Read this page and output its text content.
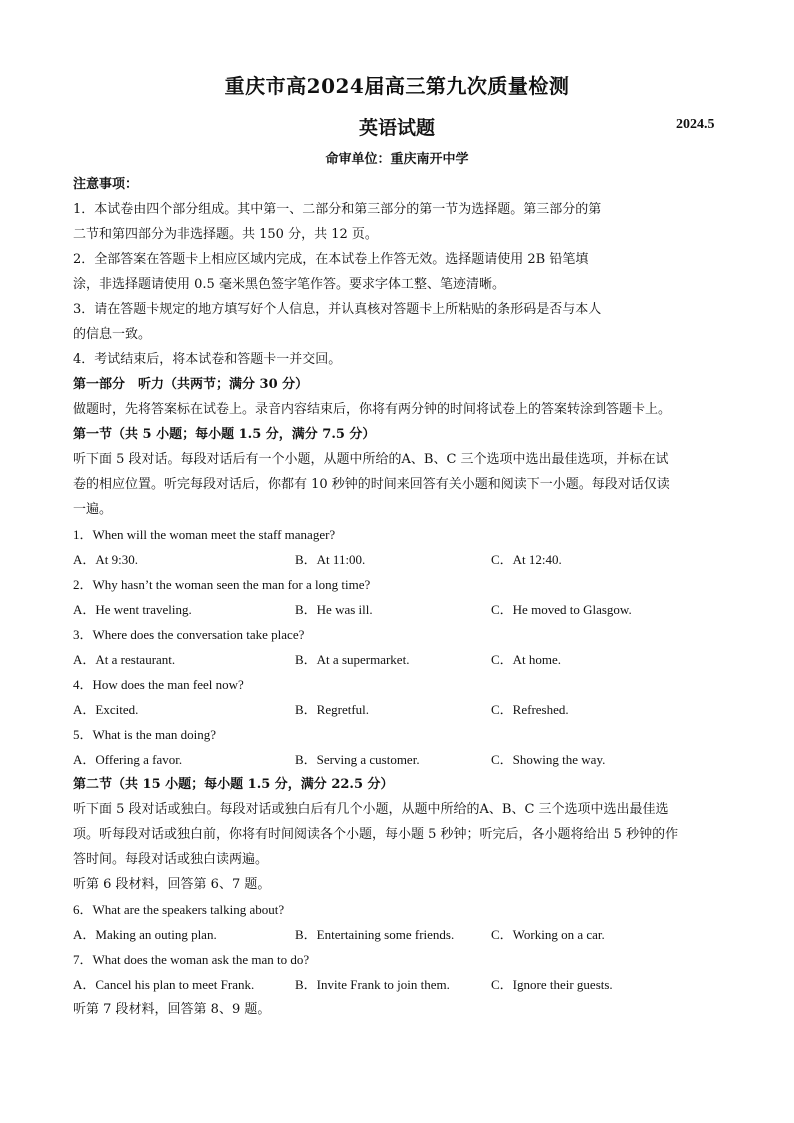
重庆市高2024届高三第九次质量检测
英语试题	2024.5
命审单位：重庆南开中学
注意事项：
1．本试卷由四个部分组成。其中第一、二部分和第三部分的第一节为选择题。第三部分的第
二节和第四部分为非选择题。共 150 分，共 12 页。
2．全部答案在答题卡上相应区域内完成，在本试卷上作答无效。选择题请使用 2B 铅笔填
涂，非选择题请使用 0.5 毫米黑色签字笔作答。要求字体工整、笔迹清晰。
3．请在答题卡规定的地方填写好个人信息，并认真核对答题卡上所粘贴的条形码是否与本人
的信息一致。
4．考试结束后，将本试卷和答题卡一并交回。
第一部分　听力（共两节；满分 30 分）
做题时，先将答案标在试卷上。录音内容结束后，你将有两分钟的时间将试卷上的答案转涂到答题卡上。
第一节（共 5 小题；每小题 1.5 分，满分 7.5 分）
听下面 5 段对话。每段对话后有一个小题，从题中所给的A、B、C 三个选项中选出最佳选项，并标在试
卷的相应位置。听完每段对话后，你都有 10 秒钟的时间来回答有关小题和阅读下一小题。每段对话仅读
一遍。
1．When will the woman meet the staff manager?
A．At 9:30.	B．At 11:00.	C．At 12:40.
2．Why hasn’t the woman seen the man for a long time?
A．He went traveling.	B．He was ill.	C．He moved to Glasgow.
3．Where does the conversation take place?
A．At a restaurant.	B．At a supermarket.	C．At home.
4．How does the man feel now?
A．Excited.	B．Regretful.	C．Refreshed.
5．What is the man doing?
A．Offering a favor.	B．Serving a customer.	C．Showing the way.
第二节（共 15 小题；每小题 1.5 分，满分 22.5 分）
听下面 5 段对话或独白。每段对话或独白后有几个小题，从题中所给的A、B、C 三个选项中选出最佳选
项。听每段对话或独白前，你将有时间阅读各个小题，每小题 5 秒钟；听完后，各小题将给出 5 秒钟的作
答时间。每段对话或独白读两遍。
听第 6 段材料，回答第 6、7 题。
6．What are the speakers talking about?
A．Making an outing plan.	B．Entertaining some friends.	C．Working on a car.
7．What does the woman ask the man to do?
A．Cancel his plan to meet Frank.	B．Invite Frank to join them.	C．Ignore their guests.
听第 7 段材料，回答第 8、9 题。
